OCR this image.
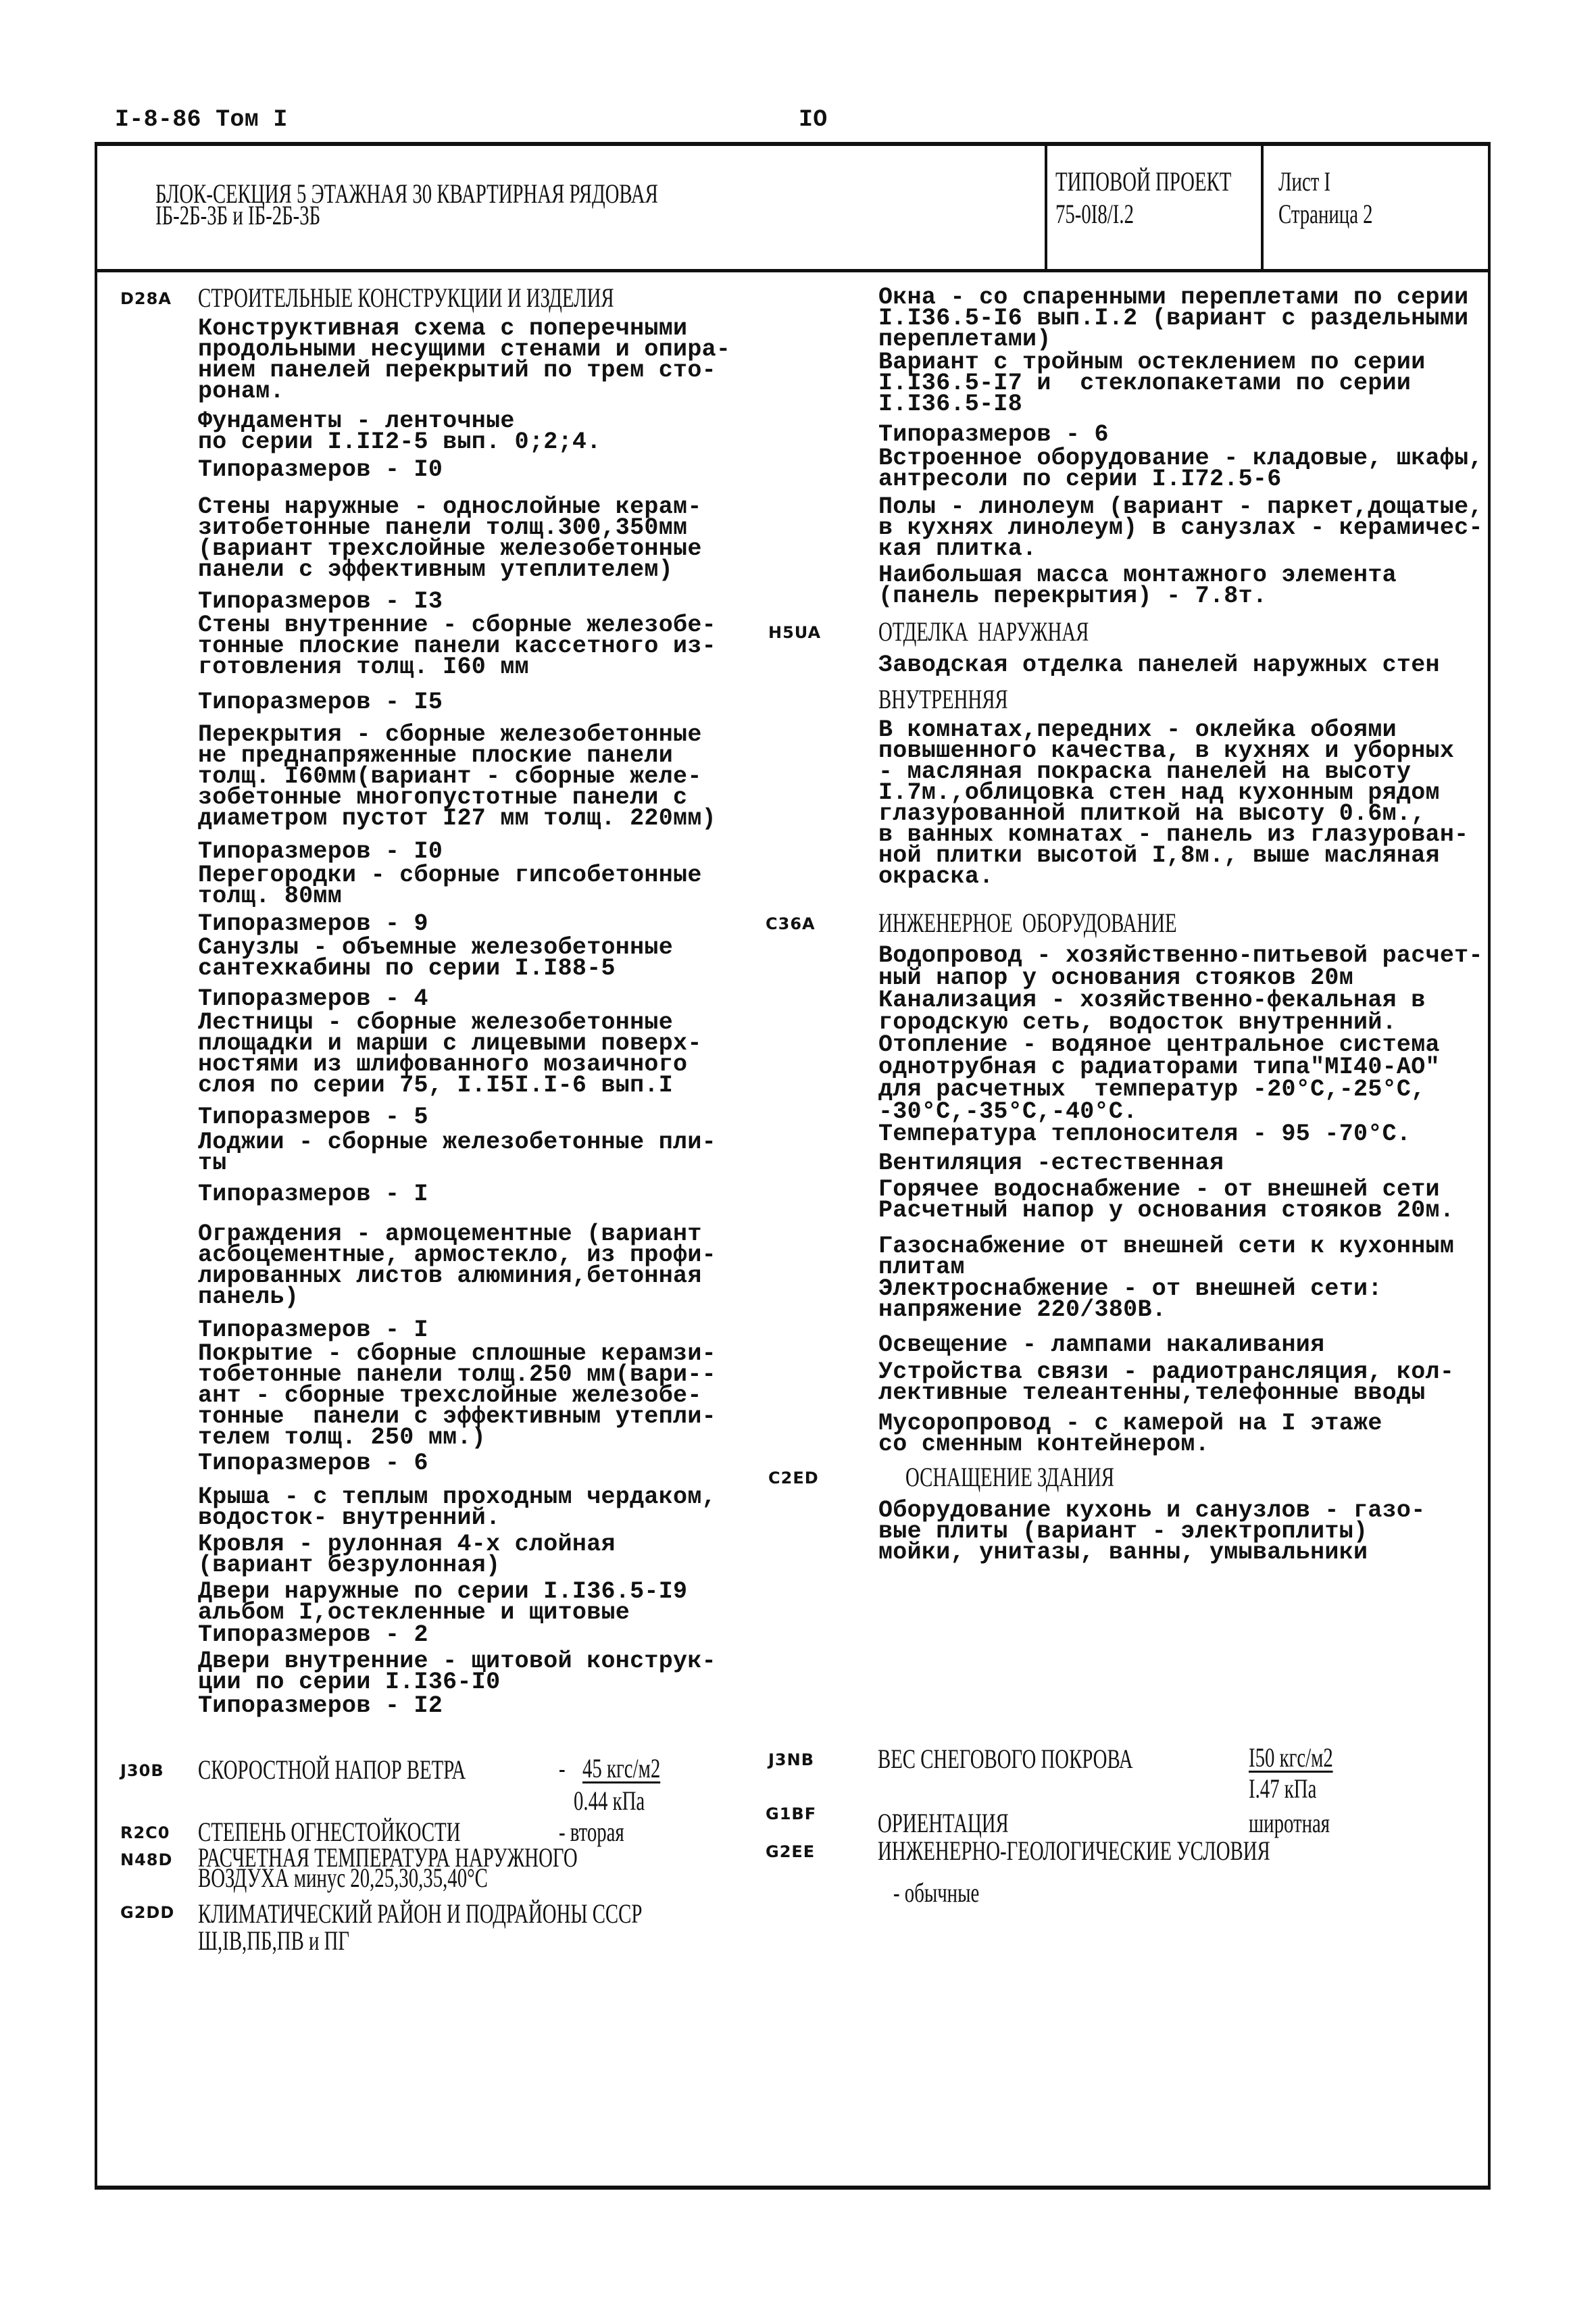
I-8-86 Том I	IO
БЛОК-СЕКЦИЯ 5 ЭТАЖНАЯ 30 КВАРТИРНАЯ РЯДОВАЯ
IБ-2Б-3Б и IБ-2Б-3Б
ТИПОВОЙ ПРОЕКТ
75-0I8/I.2
Лист I
Страница 2
D28A СТРОИТЕЛЬНЫЕ КОНСТРУКЦИИ И ИЗДЕЛИЯ
Конструктивная схема с поперечными
продольными несущими стенами и опира-
нием панелей перекрытий по трем сто-
ронам.
Фундаменты - ленточные
по серии I.II2-5 вып. 0;2;4.
Типоразмеров - I0
Стены наружные - однослойные керам-
зитобетонные панели толщ.300,350мм
(вариант трехслойные железобетонные
панели с эффективным утеплителем)
Типоразмеров - I3
Стены внутренние - сборные железобе-
тонные плоские панели кассетного из-
готовления толщ. I60 мм
Типоразмеров - I5
Перекрытия - сборные железобетонные
не преднапряженные плоские панели
толщ. I60мм(вариант - сборные желе-
зобетонные многопустотные панели с
диаметром пустот I27 мм толщ. 220мм)
Типоразмеров - I0
Перегородки - сборные гипсобетонные
толщ. 80мм
Типоразмеров - 9
Санузлы - объемные железобетонные
сантехкабины по серии I.I88-5
Типоразмеров - 4
Лестницы - сборные железобетонные
площадки и марши с лицевыми поверх-
ностями из шлифованного мозаичного
слоя по серии 75, I.I5I.I-6 вып.I
Типоразмеров - 5
Лоджии - сборные железобетонные пли-
ты
Типоразмеров - I
Ограждения - армоцементные (вариант
асбоцементные, армостекло, из профи-
лированных листов алюминия,бетонная
панель)
Типоразмеров - I
Покрытие - сборные сплошные керамзи-
тобетонные панели толщ.250 мм(вари--
ант - сборные трехслойные железобе-
тонные  панели с эффективным утепли-
телем толщ. 250 мм.)
Типоразмеров - 6
Крыша - с теплым проходным чердаком,
водосток- внутренний.
Кровля - рулонная 4-х слойная
(вариант безрулонная)
Двери наружные по серии I.I36.5-I9
альбом I,остекленные и щитовые
Типоразмеров - 2
Двери внутренние - щитовой конструк-
ции по серии I.I36-I0
Типоразмеров - I2
Окна - со спаренными переплетами по серии
I.I36.5-I6 вып.I.2 (вариант с раздельными
переплетами)
Вариант с тройным остеклением по серии
I.I36.5-I7 и  стеклопакетами по серии
I.I36.5-I8
Типоразмеров - 6
Встроенное оборудование - кладовые, шкафы,
антресоли по серии I.I72.5-6
Полы - линолеум (вариант - паркет,дощатые,
в кухнях линолеум) в санузлах - керамичес-
кая плитка.
Наибольшая масса монтажного элемента
(панель перекрытия) - 7.8т.
H5UA ОТДЕЛКА  НАРУЖНАЯ
Заводская отделка панелей наружных стен
ВНУТРЕННЯЯ
В комнатах,передних - оклейка обоями
повышенного качества, в кухнях и уборных
- масляная покраска панелей на высоту
I.7м.,облицовка стен над кухонным рядом
глазурованной плиткой на высоту 0.6м.,
в ванных комнатах - панель из глазурован-
ной плитки высотой I,8м., выше масляная
окраска.
C36A ИНЖЕНЕРНОЕ  ОБОРУДОВАНИЕ
Водопровод - хозяйственно-питьевой расчет-
ный напор у основания стояков 20м
Канализация - хозяйственно-фекальная в
городскую сеть, водосток внутренний.
Отопление - водяное центральное система
однотрубная с радиаторами типа"МI40-АО"
для расчетных  температур -20°С,-25°С,
-30°С,-35°С,-40°С.
Температура теплоносителя - 95 -70°С.
Вентиляция -естественная
Горячее водоснабжение - от внешней сети
Расчетный напор у основания стояков 20м.
Газоснабжение от внешней сети к кухонным
плитам
Электроснабжение - от внешней сети:
напряжение 220/380В.
Освещение - лампами накаливания
Устройства связи - радиотрансляция, кол-
лективные телеантенны,телефонные вводы
Мусоропровод - с камерой на I этаже
со сменным контейнером.
C2ED	ОСНАЩЕНИЕ ЗДАНИЯ
Оборудование кухонь и санузлов - газо-
вые плиты (вариант - электроплиты)
мойки, унитазы, ванны, умывальники
J30B СКОРОСТНОЙ НАПОР ВЕТРА	- 45 кгс/м2
0.44 кПа
R2C0 СТЕПЕНЬ ОГНЕСТОЙКОСТИ	- вторая
N48D РАСЧЕТНАЯ ТЕМПЕРАТУРА НАРУЖНОГО
ВОЗДУХА минус 20,25,30,35,40°С
G2DD КЛИМАТИЧЕСКИЙ РАЙОН И ПОДРАЙОНЫ СССР
Ш,IВ,ПБ,ПВ и ПГ
J3NB ВЕС СНЕГОВОГО ПОКРОВА	I50 кгс/м2
I.47 кПа
G1BF ОРИЕНТАЦИЯ	широтная
G2EE ИНЖЕНЕРНО-ГЕОЛОГИЧЕСКИЕ УСЛОВИЯ
- обычные
